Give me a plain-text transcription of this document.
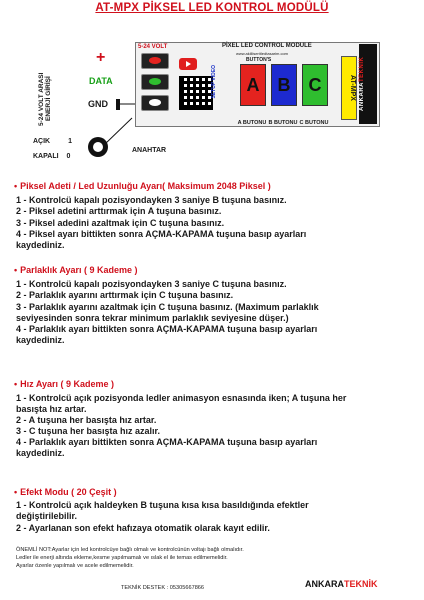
AT-MPX PİKSEL LED KONTROL MODÜLÜ
5-24 VOLT ARASI ENERJİ GİRİŞİ
+
DATA
GND
5-24 VOLT	PİXEL LED CONTROL MODULE
www.akilliseritledtasarim.com
BUTTON'S
SETUP VIDEO	A	B	C	AT-MPX ANKARATEKNİK
A BUTONU B BUTONU C BUTONU
AÇIK	1
KAPALI 0
ANAHTAR
• Piksel Adeti / Led Uzunluğu Ayarı( Maksimum 2048 Piksel )
1 - Kontrolcü kapalı pozisyondayken 3 saniye B tuşuna basınız.
2 - Piksel adetini arttırmak için A tuşuna basınız.
3 - Piksel adedini azaltmak için C tuşuna basınız.
4 - Piksel ayarı bittikten sonra AÇMA-KAPAMA tuşuna basıp ayarları
kaydediniz.
• Parlaklık Ayarı ( 9 Kademe )
1 - Kontrolcü kapalı pozisyondayken 3 saniye C tuşuna basınız.
2 - Parlaklık ayarını arttırmak için C tuşuna basınız.
3 - Parlaklık ayarını azaltmak için C tuşuna basınız. (Maximum parlaklık
seviyesinden sonra tekrar minimum parlaklık seviyesine düşer.)
4 - Parlaklık ayarı bittikten sonra AÇMA-KAPAMA tuşuna basıp ayarları
kaydediniz.
• Hız Ayarı ( 9 Kademe )
1 - Kontrolcü açık pozisyonda ledler animasyon esnasında iken; A tuşuna her
basışta hız artar.
2 - A tuşuna her basışta hız artar.
3 - C tuşuna her basışta hız azalır.
4 - Parlaklık ayarı bittikten sonra AÇMA-KAPAMA tuşuna basıp ayarları
kaydediniz.
• Efekt Modu ( 20 Çeşit )
1 - Kontrolcü açık haldeyken B tuşuna kısa kısa basıldığında efektler
değiştirilebilir.
2 - Ayarlanan son efekt hafızaya otomatik olarak kayıt edilir.
ÖNEMLİ NOT:Ayarlar için led kontrolcüye bağlı olmalı ve kontrolcünün voltajı bağlı olmalıdır.
Ledler ile enerji altında ekleme,kesme yapılmamalı ve ıslak el ile temas edilmemelidir.
Ayarlar özenle yapılmalı ve acele edilmemelidir.
TEKNİK DESTEK : 05305667866	ANKARATEKNİK
